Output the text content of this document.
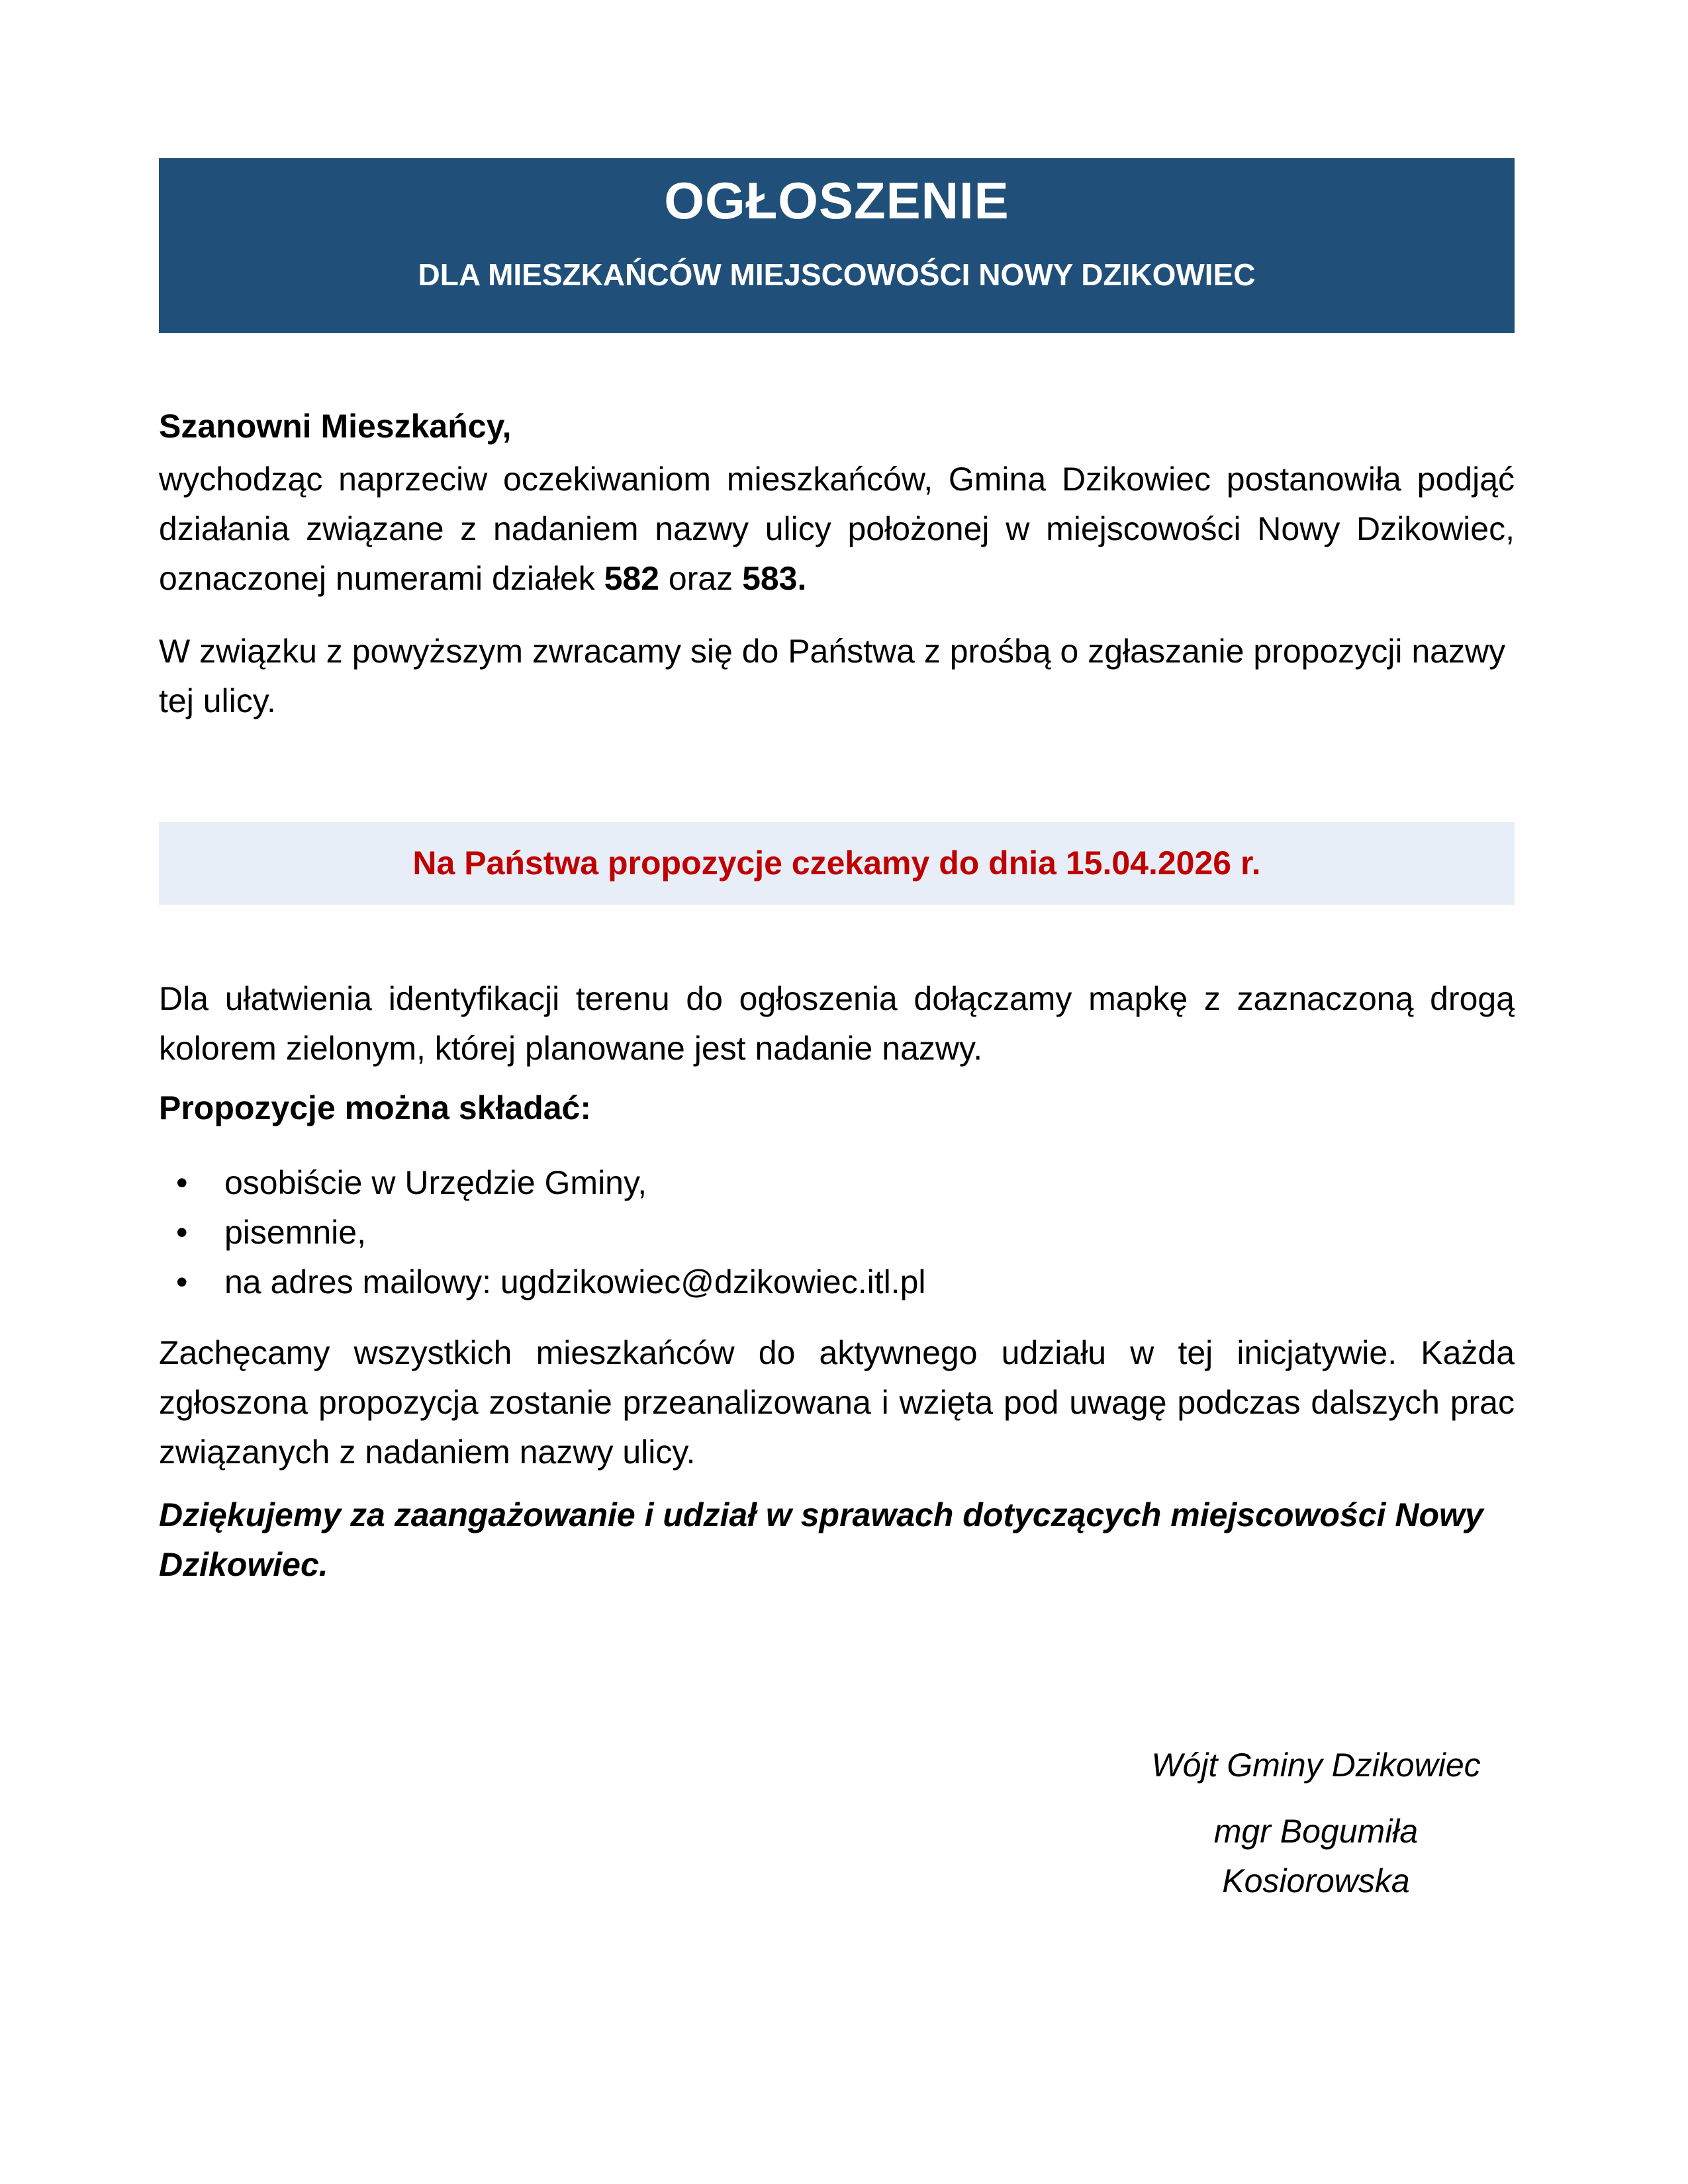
OGŁOSZENIE
DLA MIESZKAŃCÓW MIEJSCOWOŚCI NOWY DZIKOWIEC
Szanowni Mieszkańcy,
wychodząc naprzeciw oczekiwaniom mieszkańców, Gmina Dzikowiec postanowiła podjąć działania związane z nadaniem nazwy ulicy położonej w miejscowości Nowy Dzikowiec, oznaczonej numerami działek 582 oraz 583.
W związku z powyższym zwracamy się do Państwa z prośbą o zgłaszanie propozycji nazwy tej ulicy.
Na Państwa propozycje czekamy do dnia 15.04.2026 r.
Dla ułatwienia identyfikacji terenu do ogłoszenia dołączamy mapkę z zaznaczoną drogą kolorem zielonym, której planowane jest nadanie nazwy.
Propozycje można składać:
• osobiście w Urzędzie Gminy,
• pisemnie,
• na adres mailowy: ugdzikowiec@dzikowiec.itl.pl
Zachęcamy wszystkich mieszkańców do aktywnego udziału w tej inicjatywie. Każda zgłoszona propozycja zostanie przeanalizowana i wzięta pod uwagę podczas dalszych prac związanych z nadaniem nazwy ulicy.
Dziękujemy za zaangażowanie i udział w sprawach dotyczących miejscowości Nowy Dzikowiec.
Wójt Gminy Dzikowiec
mgr Bogumiła Kosiorowska
